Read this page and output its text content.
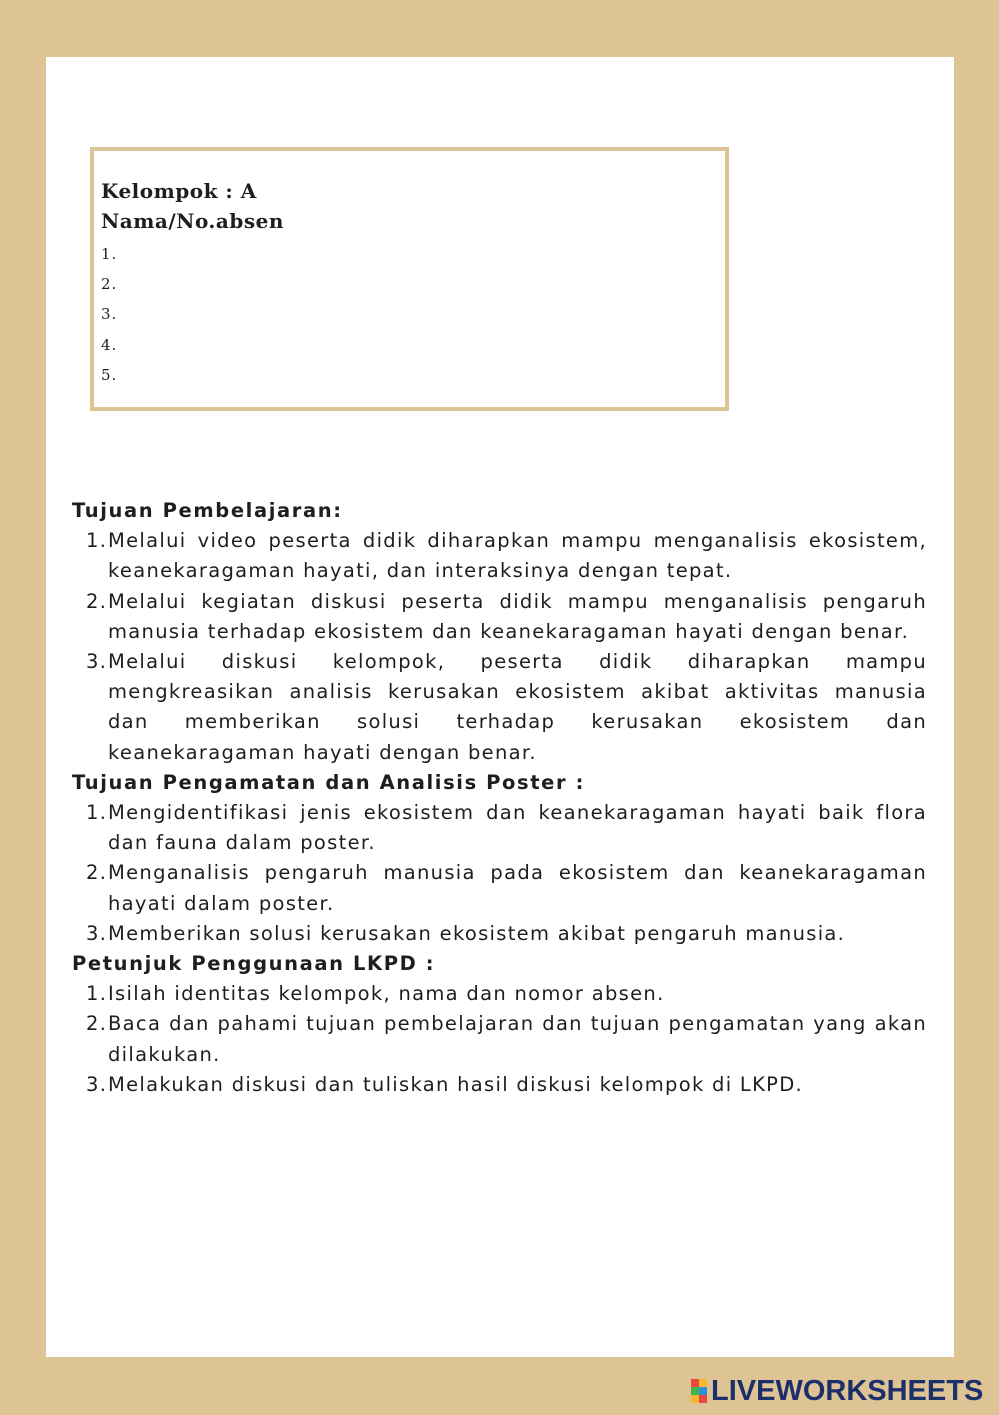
Kelompok : A
Nama/No.absen
1.
2.
3.
4.
5.
Tujuan Pembelajaran:
1. Melalui video peserta didik diharapkan mampu menganalisis ekosistem, keanekaragaman hayati, dan interaksinya dengan tepat.
2. Melalui kegiatan diskusi peserta didik mampu menganalisis pengaruh manusia terhadap ekosistem dan keanekaragaman hayati dengan benar.
3. Melalui diskusi kelompok, peserta didik diharapkan mampu mengkreasikan analisis kerusakan ekosistem akibat aktivitas manusia dan memberikan solusi terhadap kerusakan ekosistem dan keanekaragaman hayati dengan benar.
Tujuan Pengamatan dan Analisis Poster :
1. Mengidentifikasi jenis ekosistem dan keanekaragaman hayati baik flora dan fauna dalam poster.
2. Menganalisis pengaruh manusia pada ekosistem dan keanekaragaman hayati dalam poster.
3. Memberikan solusi kerusakan ekosistem akibat pengaruh manusia.
Petunjuk Penggunaan LKPD :
1. Isilah identitas kelompok, nama dan nomor absen.
2. Baca dan pahami tujuan pembelajaran dan tujuan pengamatan yang akan dilakukan.
3. Melakukan diskusi dan tuliskan hasil diskusi kelompok di LKPD.
LIVEWORKSHEETS
